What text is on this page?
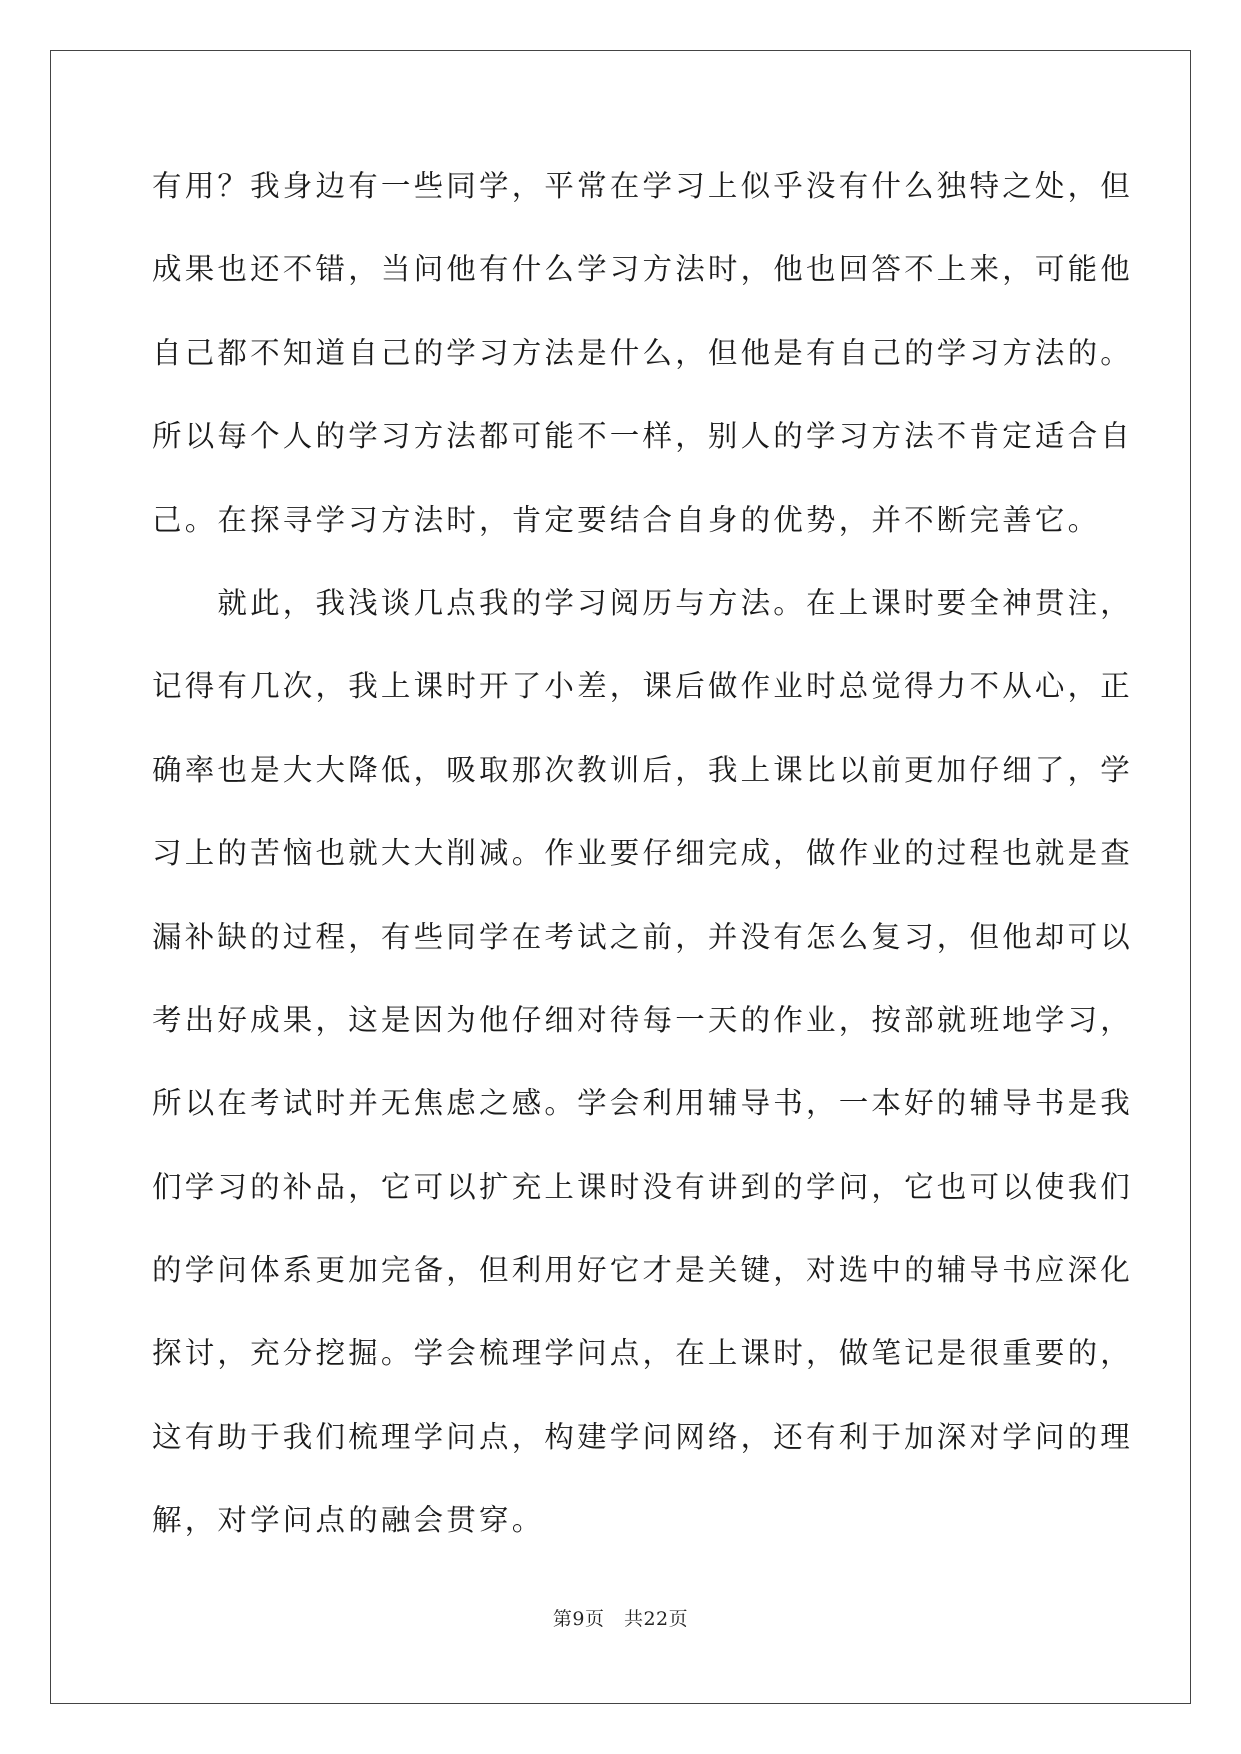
有用？我身边有一些同学，平常在学习上似乎没有什么独特之处，但
成果也还不错，当问他有什么学习方法时，他也回答不上来，可能他
自己都不知道自己的学习方法是什么，但他是有自己的学习方法的。
所以每个人的学习方法都可能不一样，别人的学习方法不肯定适合自
己。在探寻学习方法时，肯定要结合自身的优势，并不断完善它。
　　就此，我浅谈几点我的学习阅历与方法。在上课时要全神贯注，
记得有几次，我上课时开了小差，课后做作业时总觉得力不从心，正
确率也是大大降低，吸取那次教训后，我上课比以前更加仔细了，学
习上的苦恼也就大大削减。作业要仔细完成，做作业的过程也就是查
漏补缺的过程，有些同学在考试之前，并没有怎么复习，但他却可以
考出好成果，这是因为他仔细对待每一天的作业，按部就班地学习，
所以在考试时并无焦虑之感。学会利用辅导书，一本好的辅导书是我
们学习的补品，它可以扩充上课时没有讲到的学问，它也可以使我们
的学问体系更加完备，但利用好它才是关键，对选中的辅导书应深化
探讨，充分挖掘。学会梳理学问点，在上课时，做笔记是很重要的，
这有助于我们梳理学问点，构建学问网络，还有利于加深对学问的理
解，对学问点的融会贯穿。
第9页　共22页
